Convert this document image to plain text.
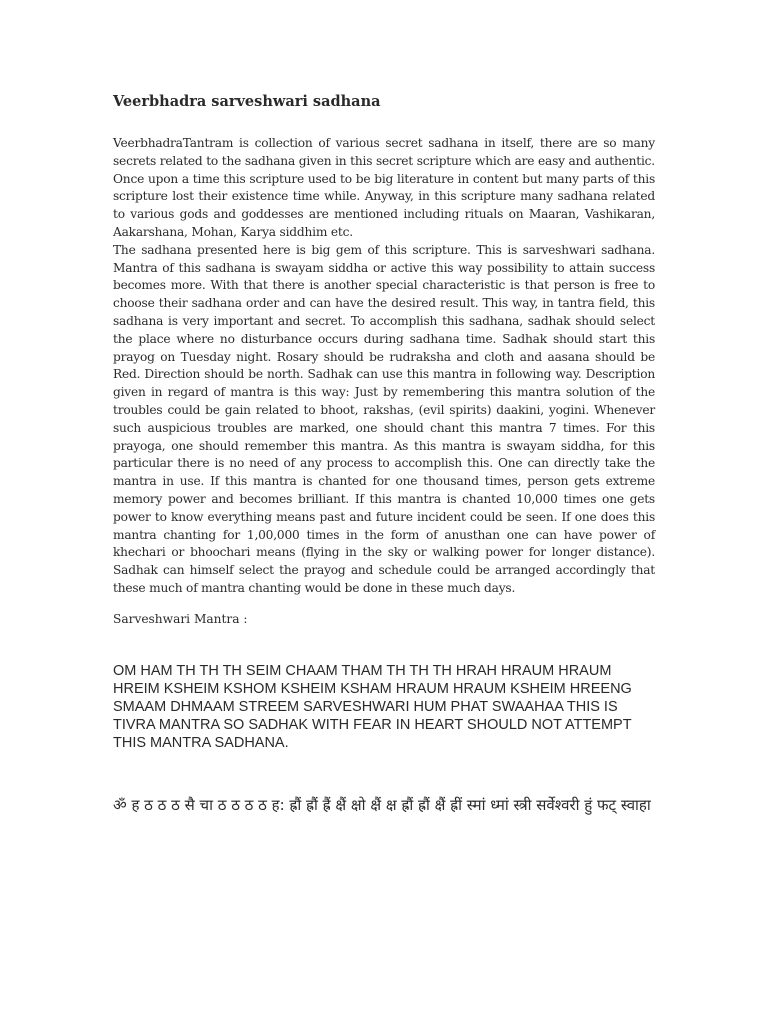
Veerbhadra sarveshwari sadhana

VeerbhadraTantram is collection of various secret sadhana in itself, there are so many secrets related to the sadhana given in this secret scripture which are easy and authentic. Once upon a time this scripture used to be big literature in content but many parts of this scripture lost their existence time while. Anyway, in this scripture many sadhana related to various gods and goddesses are mentioned including rituals on Maaran, Vashikaran, Aakarshana, Mohan, Karya siddhim etc.

The sadhana presented here is big gem of this scripture. This is sarveshwari sadhana. Mantra of this sadhana is swayam siddha or active this way possibility to attain success becomes more. With that there is another special characteristic is that person is free to choose their sadhana order and can have the desired result. This way, in tantra field, this sadhana is very important and secret. To accomplish this sadhana, sadhak should select the place where no disturbance occurs during sadhana time. Sadhak should start this prayog on Tuesday night. Rosary should be rudraksha and cloth and aasana should be Red. Direction should be north. Sadhak can use this mantra in following way. Description given in regard of mantra is this way: Just by remembering this mantra solution of the troubles could be gain related to bhoot, rakshas, (evil spirits) daakini, yogini. Whenever such auspicious troubles are marked, one should chant this mantra 7 times. For this prayoga, one should remember this mantra. As this mantra is swayam siddha, for this particular there is no need of any process to accomplish this. One can directly take the mantra in use. If this mantra is chanted for one thousand times, person gets extreme memory power and becomes brilliant. If this mantra is chanted 10,000 times one gets power to know everything means past and future incident could be seen. If one does this mantra chanting for 1,00,000 times in the form of anusthan one can have power of khechari or bhoochari means (flying in the sky or walking power for longer distance). Sadhak can himself select the prayog and schedule could be arranged accordingly that these much of mantra chanting would be done in these much days.

Sarveshwari Mantra :

OM HAM TH TH TH SEIM CHAAM THAM TH TH TH HRAH HRAUM HRAUM HREIM KSHEIM KSHOM KSHEIM KSHAM HRAUM HRAUM KSHEIM HREENG SMAAM DHMAAM STREEM SARVESHWARI HUM PHAT SWAAHAA THIS IS TIVRA MANTRA SO SADHAK WITH FEAR IN HEART SHOULD NOT ATTEMPT THIS MANTRA SADHANA.

ॐ ह ठ ठ ठ सै चा ठ ठ ठ ठ ह: ह्रौं ह्रौं ह्रैं क्षैं क्षो क्षैं क्ष ह्रौं ह्रौं क्षैं ह्रीं स्मां ध्मां स्त्री सर्वेश्वरी हुं फट् स्वाहा
